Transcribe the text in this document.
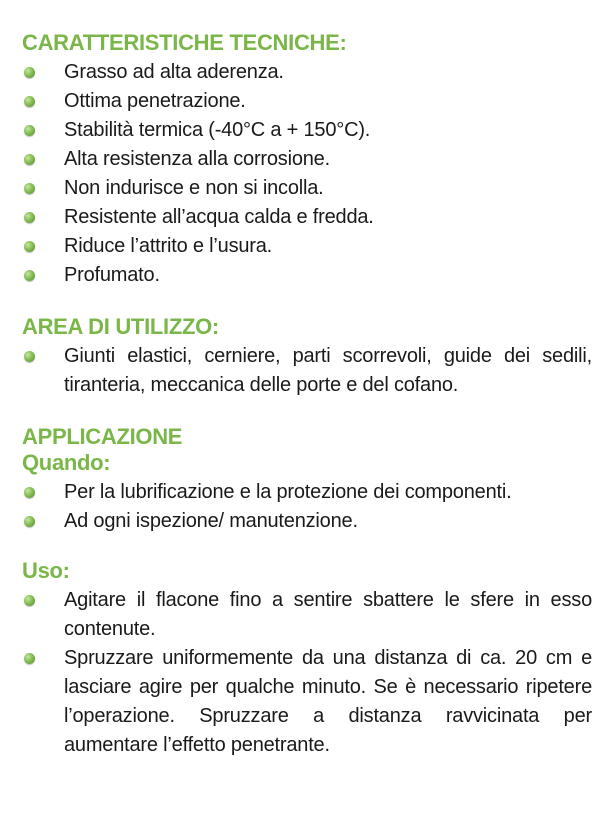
CARATTERISTICHE TECNICHE:
Grasso ad alta aderenza.
Ottima penetrazione.
Stabilità termica (-40°C a + 150°C).
Alta resistenza alla corrosione.
Non indurisce e non si incolla.
Resistente all’acqua calda e fredda.
Riduce l’attrito e l’usura.
Profumato.
AREA DI UTILIZZO:
Giunti elastici, cerniere, parti scorrevoli, guide dei sedili, tiranteria, meccanica delle porte e del cofano.
APPLICAZIONE
Quando:
Per la lubrificazione e la protezione dei componenti.
Ad ogni ispezione/ manutenzione.
Uso:
Agitare il flacone fino a sentire sbattere le sfere in esso contenute.
Spruzzare uniformemente da una distanza di ca. 20 cm e lasciare agire per qualche minuto. Se è necessario ripetere l’operazione. Spruzzare a distanza ravvicinata per aumentare l’effetto penetrante.
